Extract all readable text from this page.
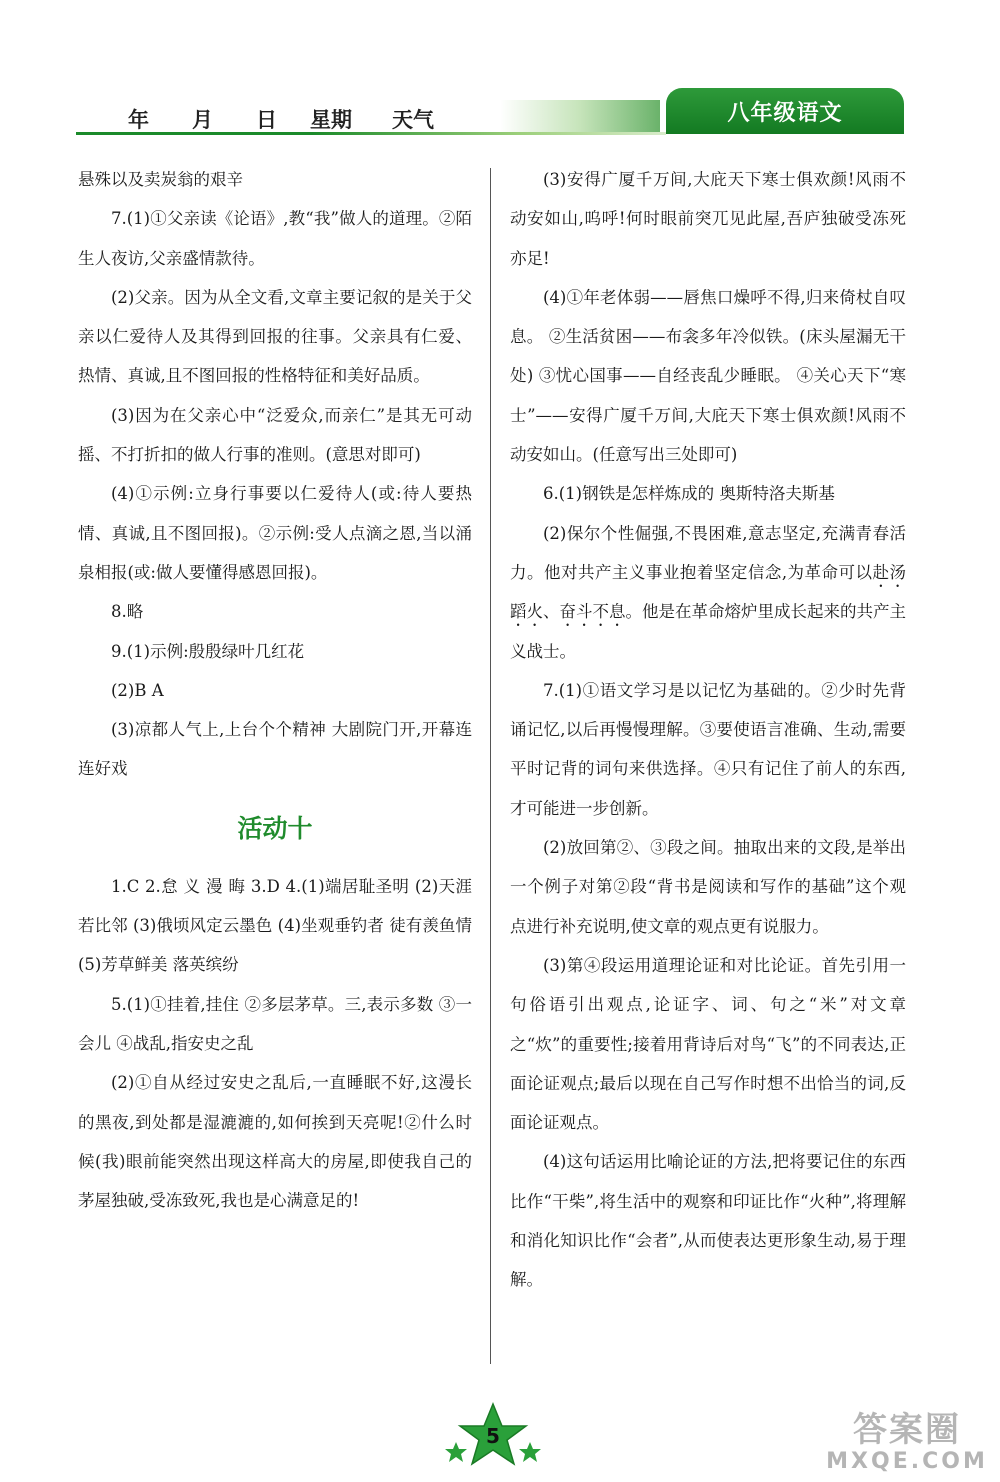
年	月	日	星期	天气	八年级语文

悬殊以及卖炭翁的艰辛

7.(1)①父亲读《论语》,教“我”做人的道理。②陌生人夜访,父亲盛情款待。

(2)父亲。因为从全文看,文章主要记叙的是关于父亲以仁爱待人及其得到回报的往事。父亲具有仁爱、热情、真诚,且不图回报的性格特征和美好品质。

(3)因为在父亲心中“泛爱众,而亲仁”是其无可动摇、不打折扣的做人行事的准则。(意思对即可)

(4)①示例:立身行事要以仁爱待人(或:待人要热情、真诚,且不图回报)。②示例:受人点滴之恩,当以涌泉相报(或:做人要懂得感恩回报)。

8.略

9.(1)示例:殷殷绿叶几红花

(2)B A

(3)凉都人气上,上台个个精神 大剧院门开,开幕连连好戏

活动十

1.C 2.怠 义 漫 晦 3.D 4.(1)端居耻圣明 (2)天涯若比邻 (3)俄顷风定云墨色 (4)坐观垂钓者 徒有羡鱼情 (5)芳草鲜美 落英缤纷

5.(1)①挂着,挂住 ②多层茅草。三,表示多数 ③一会儿 ④战乱,指安史之乱

(2)①自从经过安史之乱后,一直睡眠不好,这漫长的黑夜,到处都是湿漉漉的,如何挨到天亮呢!②什么时候(我)眼前能突然出现这样高大的房屋,即使我自己的茅屋独破,受冻致死,我也是心满意足的!

(3)安得广厦千万间,大庇天下寒士俱欢颜!风雨不动安如山,呜呼!何时眼前突兀见此屋,吾庐独破受冻死亦足!

(4)①年老体弱——唇焦口燥呼不得,归来倚杖自叹息。 ②生活贫困——布衾多年冷似铁。(床头屋漏无干处) ③忧心国事——自经丧乱少睡眠。 ④关心天下“寒士”——安得广厦千万间,大庇天下寒士俱欢颜!风雨不动安如山。(任意写出三处即可)

6.(1)钢铁是怎样炼成的 奥斯特洛夫斯基

(2)保尔个性倔强,不畏困难,意志坚定,充满青春活力。他对共产主义事业抱着坚定信念,为革命可以赴汤蹈火、奋斗不息。他是在革命熔炉里成长起来的共产主义战士。

7.(1)①语文学习是以记忆为基础的。②少时先背诵记忆,以后再慢慢理解。③要使语言准确、生动,需要平时记背的词句来供选择。④只有记住了前人的东西,才可能进一步创新。

(2)放回第②、③段之间。抽取出来的文段,是举出一个例子对第②段“背书是阅读和写作的基础”这个观点进行补充说明,使文章的观点更有说服力。

(3)第④段运用道理论证和对比论证。首先引用一句俗语引出观点,论证字、词、句之“米”对文章之“炊”的重要性;接着用背诗后对鸟“飞”的不同表达,正面论证观点;最后以现在自己写作时想不出恰当的词,反面论证观点。

(4)这句话运用比喻论证的方法,把将要记住的东西比作“干柴”,将生活中的观察和印证比作“火种”,将理解和消化知识比作“会者”,从而使表达更形象生动,易于理解。

5	答案圈
MXQE.COM
